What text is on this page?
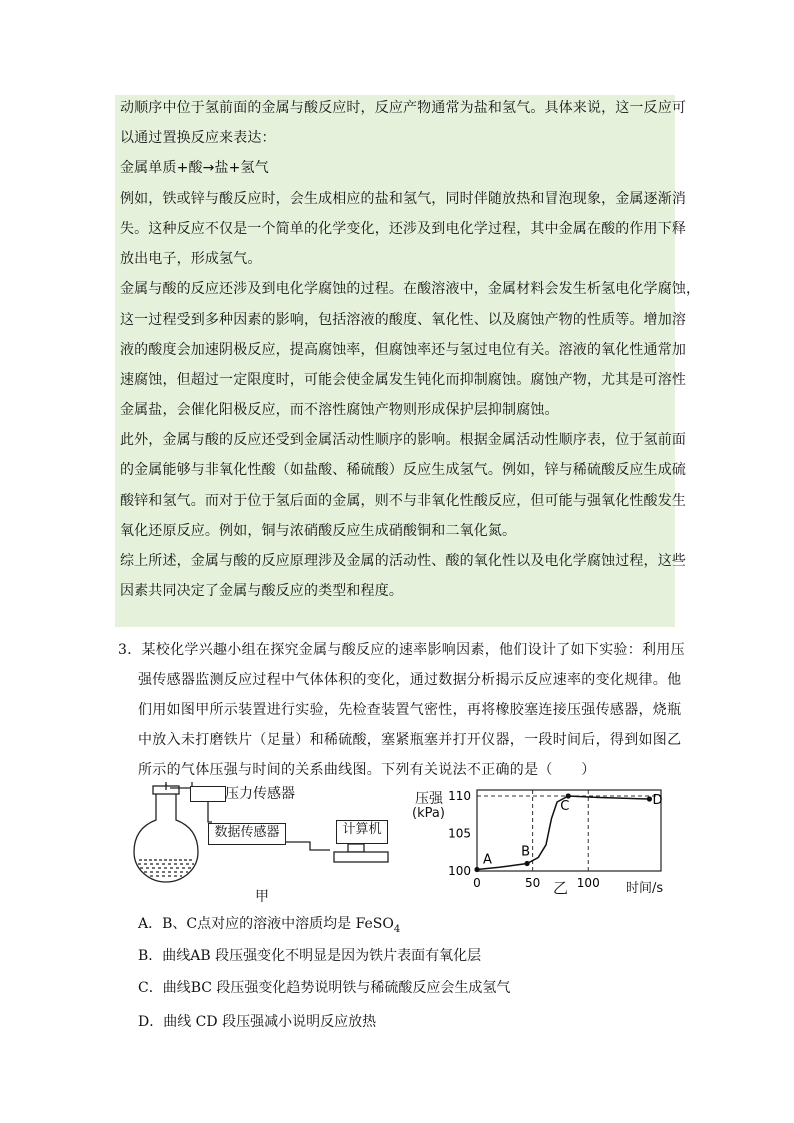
动顺序中位于氢前面的金属与酸反应时，反应产物通常为盐和氢气。具体来说，这一反应可
以通过置换反应来表达：
金属单质+酸→盐+氢气
例如，铁或锌与酸反应时，会生成相应的盐和氢气，同时伴随放热和冒泡现象，金属逐渐消
失。这种反应不仅是一个简单的化学变化，还涉及到电化学过程，其中金属在酸的作用下释
放出电子，形成氢气。
金属与酸的反应还涉及到电化学腐蚀的过程。在酸溶液中，金属材料会发生析氢电化学腐蚀，
这一过程受到多种因素的影响，包括溶液的酸度、氧化性、以及腐蚀产物的性质等。增加溶
液的酸度会加速阴极反应，提高腐蚀率，但腐蚀率还与氢过电位有关。溶液的氧化性通常加
速腐蚀，但超过一定限度时，可能会使金属发生钝化而抑制腐蚀。腐蚀产物，尤其是可溶性
金属盐，会催化阳极反应，而不溶性腐蚀产物则形成保护层抑制腐蚀。
此外，金属与酸的反应还受到金属活动性顺序的影响。根据金属活动性顺序表，位于氢前面
的金属能够与非氧化性酸（如盐酸、稀硫酸）反应生成氢气。例如，锌与稀硫酸反应生成硫
酸锌和氢气。而对于位于氢后面的金属，则不与非氧化性酸反应，但可能与强氧化性酸发生
氧化还原反应。例如，铜与浓硝酸反应生成硝酸铜和二氧化氮。
综上所述，金属与酸的反应原理涉及金属的活动性、酸的氧化性以及电化学腐蚀过程，这些
因素共同决定了金属与酸反应的类型和程度。
3．某校化学兴趣小组在探究金属与酸反应的速率影响因素，他们设计了如下实验：利用压
强传感器监测反应过程中气体体积的变化，通过数据分析揭示反应速率的变化规律。他
们用如图甲所示装置进行实验，先检查装置气密性，再将橡胶塞连接压强传感器，烧瓶
中放入未打磨铁片（足量）和稀硫酸，塞紧瓶塞并打开仪器，一段时间后，得到如图乙
所示的气体压强与时间的关系曲线图。下列有关说法不正确的是（　　）
压力传感器
数据传感器	计算机
甲
压强
(kPa)
A
B
C	D
100
105
110
0	50	100
乙	时间/s
A．B、C点对应的溶液中溶质均是 FeSO$_4$
B．曲线AB 段压强变化不明显是因为铁片表面有氧化层
C．曲线BC 段压强变化趋势说明铁与稀硫酸反应会生成氢气
D．曲线 CD 段压强减小说明反应放热
